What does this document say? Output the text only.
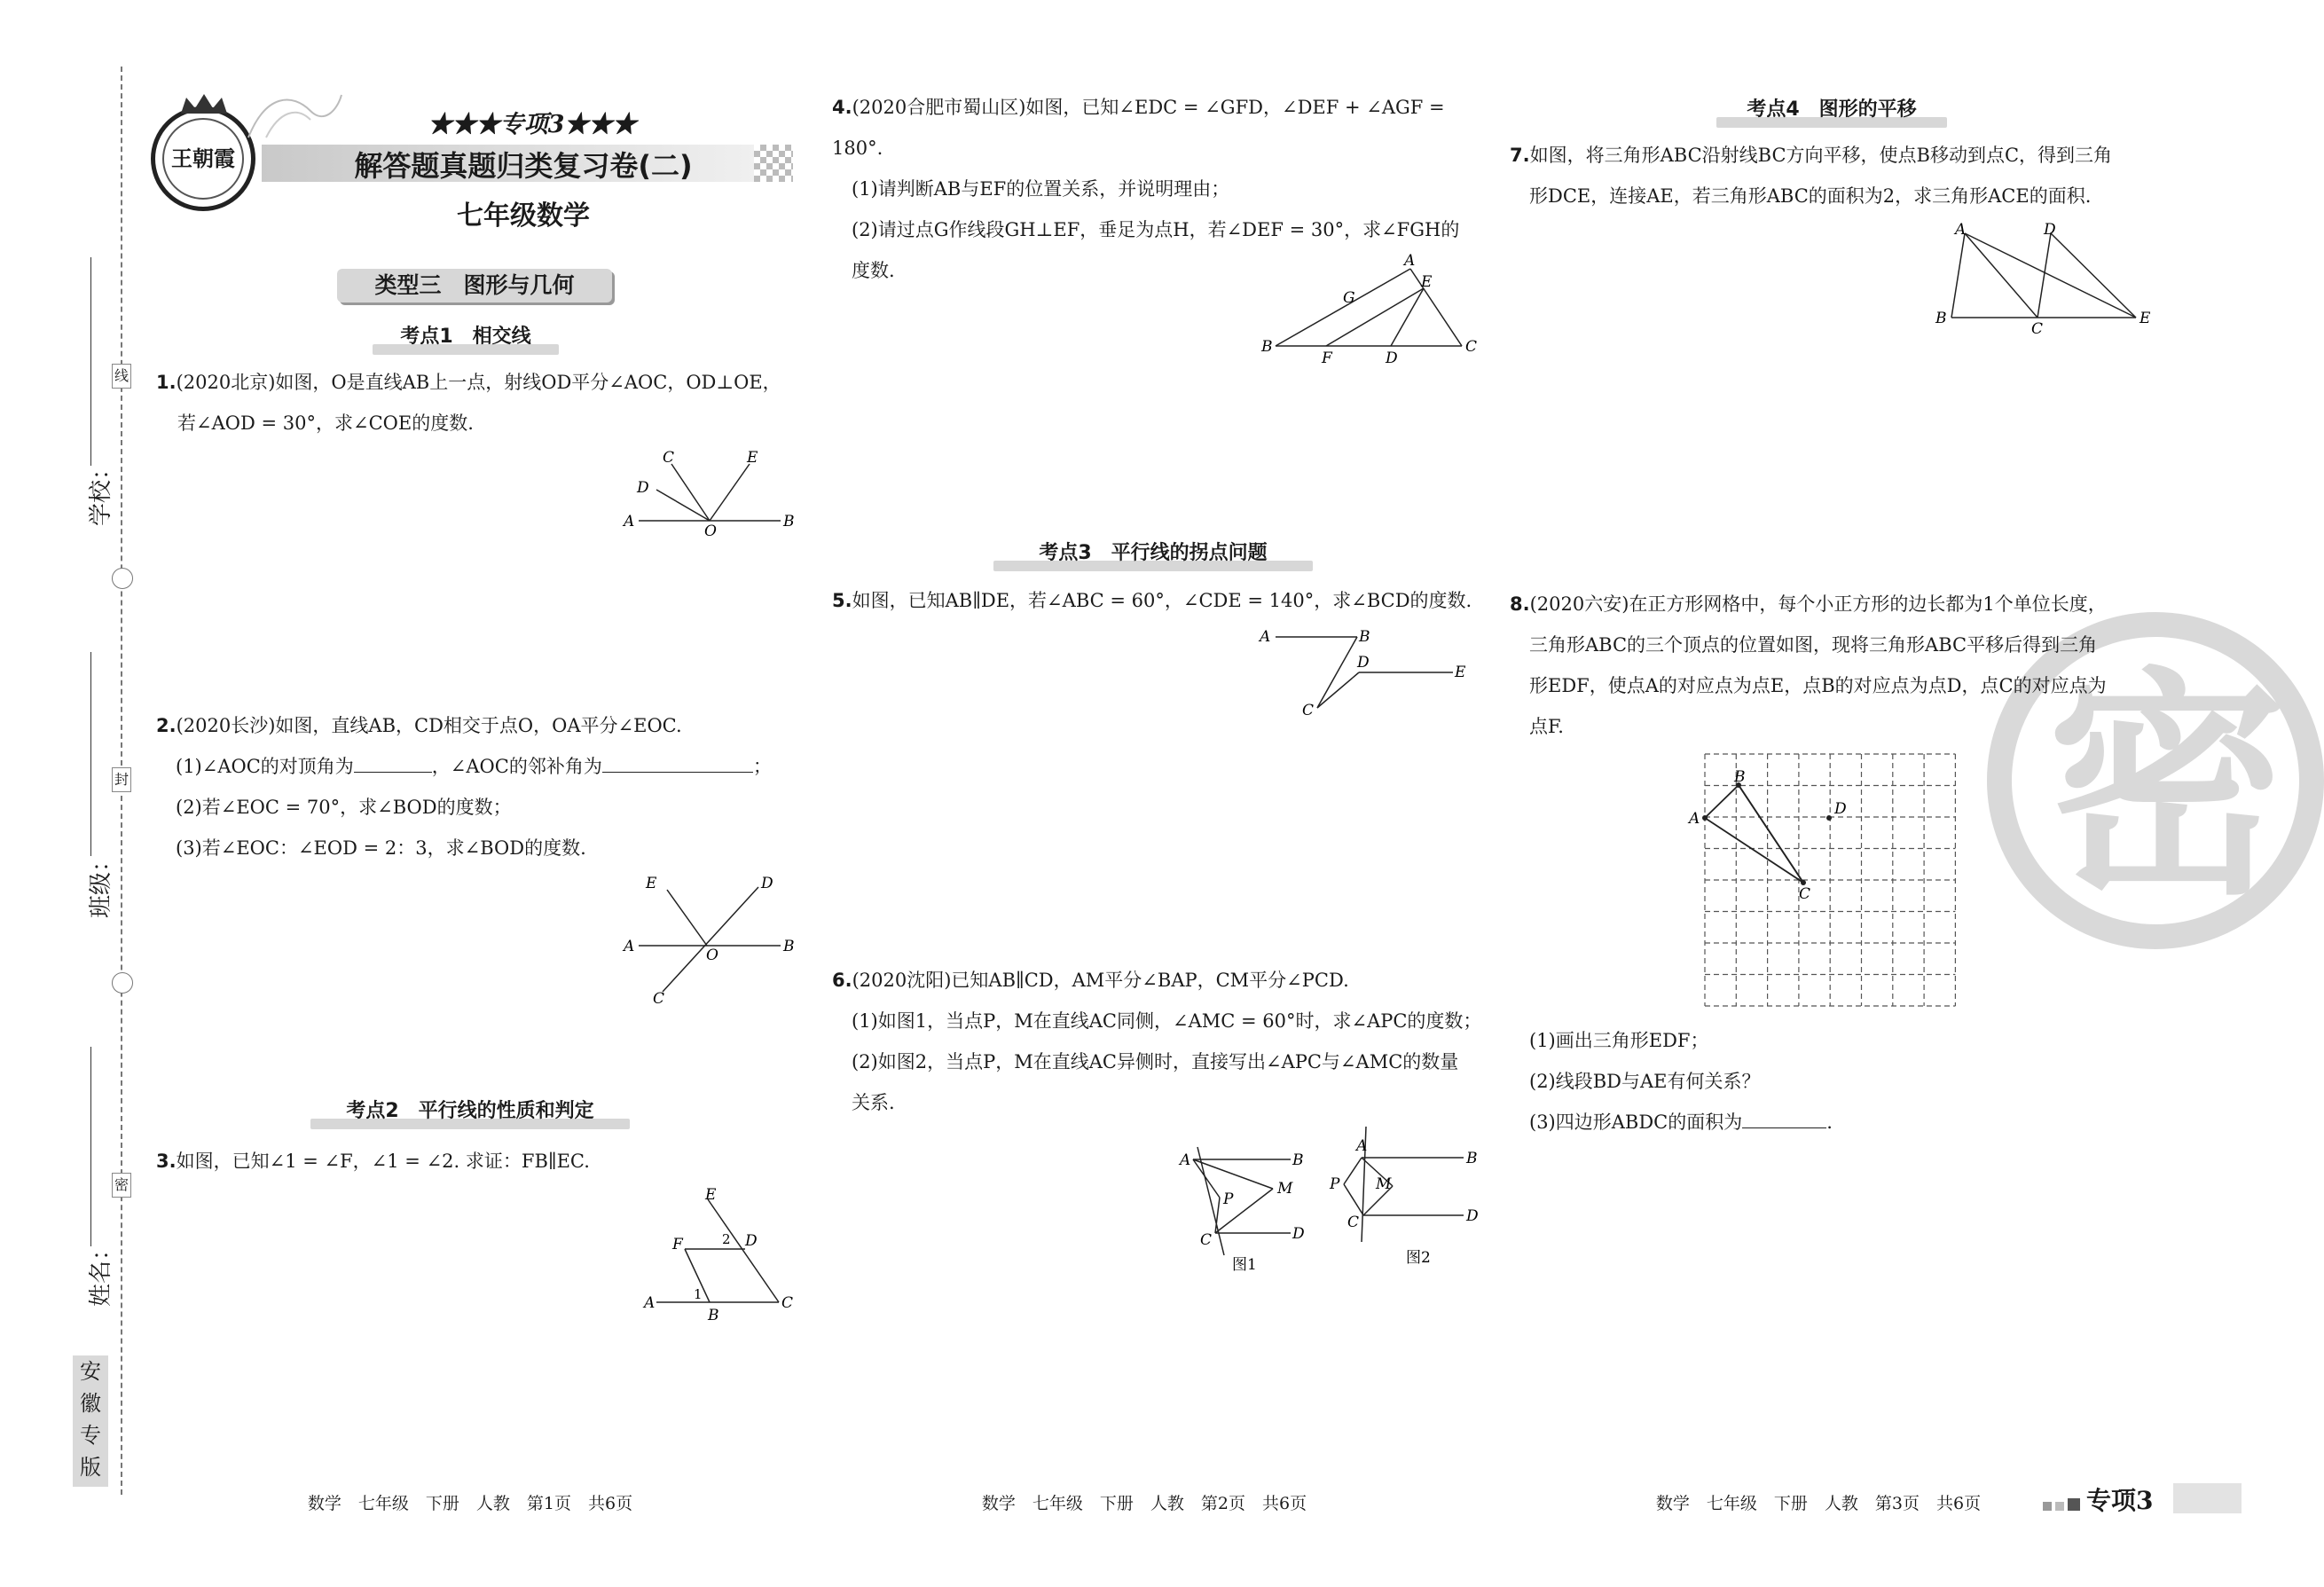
线
封
密
学校：
班级：
姓名：
安
徽
专
版
王朝霞
★★★专项3★★★
解答题真题归类复习卷(二)
七年级数学
类型三　图形与几何
考点1　相交线
1.(2020北京)如图，O是直线AB上一点，射线OD平分∠AOC，OD⊥OE，
若∠AOD = 30°，求∠COE的度数.
C	E
D
A
O
B
2.(2020长沙)如图，直线AB，CD相交于点O，OA平分∠EOC.
(1)∠AOC的对顶角为	，∠AOC的邻补角为	；
(2)若∠EOC = 70°，求∠BOD的度数；
(3)若∠EOC：∠EOD = 2：3，求∠BOD的度数.
E	D
A	O	B
C
考点2　平行线的性质和判定
3.如图，已知∠1 = ∠F，∠1 = ∠2. 求证：FB∥EC.
E
2 D
F
A	1
B
C
4.(2020合肥市蜀山区)如图，已知∠EDC = ∠GFD，∠DEF + ∠AGF = 180°.
(1)请判断AB与EF的位置关系，并说明理由；
(2)请过点G作线段GH⊥EF，垂足为点H，若∠DEF = 30°，求∠FGH的
度数.	A
G
E
B
F	D
C
考点3　平行线的拐点问题
5.如图，已知AB∥DE，若∠ABC = 60°，∠CDE = 140°，求∠BCD的度数.
A	B
D
E
C
6.(2020沈阳)已知AB∥CD，AM平分∠BAP，CM平分∠PCD.
(1)如图1，当点P，M在直线AC同侧，∠AMC = 60°时，求∠APC的度数；
(2)如图2，当点P，M在直线AC异侧时，直接写出∠APC与∠AMC的数量
关系.
A	B
P
M
C	D
图1
A
B
P M
C	D
图2
考点4　图形的平移
7.如图，将三角形ABC沿射线BC方向平移，使点B移动到点C，得到三角
形DCE，连接AE，若三角形ABC的面积为2，求三角形ACE的面积.
A	D
B
C
E
密
8.(2020六安)在正方形网格中，每个小正方形的边长都为1个单位长度，
三角形ABC的三个顶点的位置如图，现将三角形ABC平移后得到三角
形EDF，使点A的对应点为点E，点B的对应点为点D，点C的对应点为
点F.
B
A
D
C
(1)画出三角形EDF；
(2)线段BD与AE有何关系？
(3)四边形ABDC的面积为	.
数学　七年级　下册　人教　第1页　共6页	数学　七年级　下册　人教　第2页　共6页	数学　七年级　下册　人教　第3页　共6页	专项3
